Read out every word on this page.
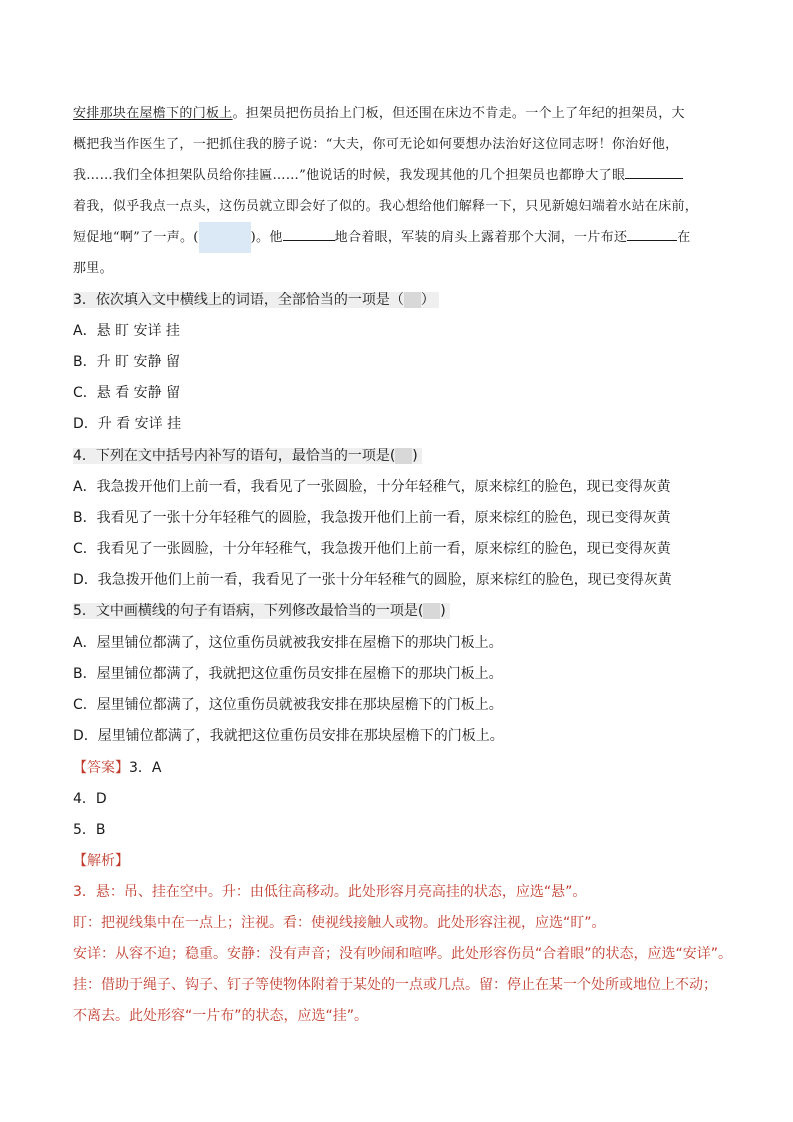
安排那块在屋檐下的门板上。担架员把伤员抬上门板，但还围在床边不肯走。一个上了年纪的担架员，大
概把我当作医生了，一把抓住我的膀子说：“大夫，你可无论如何要想办法治好这位同志呀！你治好他，
我……我们全体担架队员给你挂匾……”他说话的时候，我发现其他的几个担架员也都睁大了眼
着我，似乎我点一点头，这伤员就立即会好了似的。我心想给他们解释一下，只见新媳妇端着水站在床前，
短促地“啊”了一声。(	)。他	地合着眼，军装的肩头上露着那个大洞，一片布还	在
那里。
3．依次填入文中横线上的词语，全部恰当的一项是（ ）
A．悬 盯 安详 挂
B．升 盯 安静 留
C．悬 看 安静 留
D．升 看 安详 挂
4．下列在文中括号内补写的语句，最恰当的一项是( )
A．我急拨开他们上前一看，我看见了一张圆脸，十分年轻稚气，原来棕红的脸色，现已变得灰黄
B．我看见了一张十分年轻稚气的圆脸，我急拨开他们上前一看，原来棕红的脸色，现已变得灰黄
C．我看见了一张圆脸，十分年轻稚气，我急拨开他们上前一看，原来棕红的脸色，现已变得灰黄
D．我急拨开他们上前一看，我看见了一张十分年轻稚气的圆脸，原来棕红的脸色，现已变得灰黄
5．文中画横线的句子有语病，下列修改最恰当的一项是( )
A．屋里铺位都满了，这位重伤员就被我安排在屋檐下的那块门板上。
B．屋里铺位都满了，我就把这位重伤员安排在屋檐下的那块门板上。
C．屋里铺位都满了，这位重伤员就被我安排在那块屋檐下的门板上。
D．屋里铺位都满了，我就把这位重伤员安排在那块屋檐下的门板上。
【答案】3．A
4．D
5．B
【解析】
3．悬：吊、挂在空中。升：由低往高移动。此处形容月亮高挂的状态，应选“悬”。
盯：把视线集中在一点上；注视。看：使视线接触人或物。此处形容注视，应选“盯”。
安详：从容不迫；稳重。安静：没有声音；没有吵闹和喧哗。此处形容伤员“合着眼”的状态，应选“安详”。
挂：借助于绳子、钩子、钉子等使物体附着于某处的一点或几点。留：停止在某一个处所或地位上不动；
不离去。此处形容“一片布”的状态，应选“挂”。
